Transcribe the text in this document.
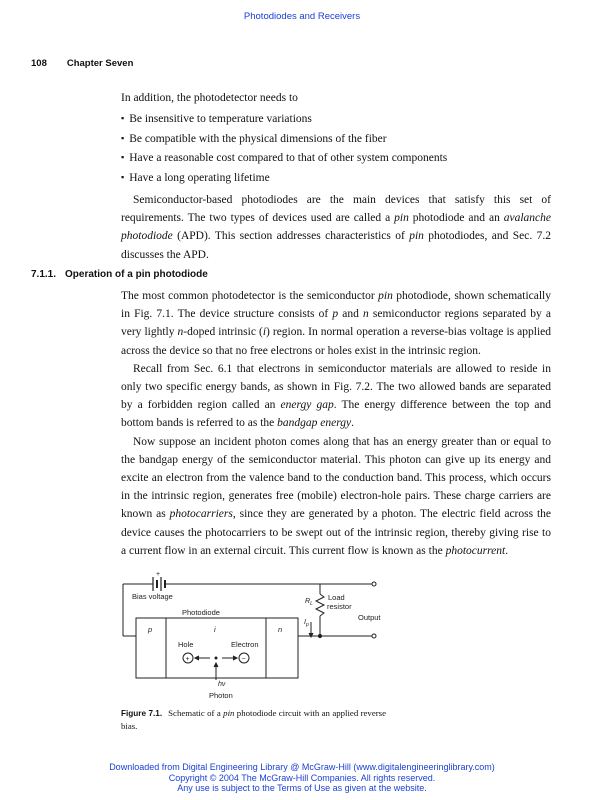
Photodiodes and Receivers
108 Chapter Seven
In addition, the photodetector needs to
▪ Be insensitive to temperature variations
▪ Be compatible with the physical dimensions of the fiber
▪ Have a reasonable cost compared to that of other system components
▪ Have a long operating lifetime
Semiconductor-based photodiodes are the main devices that satisfy this set of requirements. The two types of devices used are called a pin photodiode and an avalanche photodiode (APD). This section addresses characteristics of pin photodiodes, and Sec. 7.2 discusses the APD.
7.1.1. Operation of a pin photodiode

The most common photodetector is the semiconductor pin photodiode, shown schematically in Fig. 7.1. The device structure consists of p and n semiconductor regions separated by a very lightly n-doped intrinsic (i) region. In normal operation a reverse-bias voltage is applied across the device so that no free electrons or holes exist in the intrinsic region.

Recall from Sec. 6.1 that electrons in semiconductor materials are allowed to reside in only two specific energy bands, as shown in Fig. 7.2. The two allowed bands are separated by a forbidden region called an energy gap. The energy difference between the top and bottom bands is referred to as the bandgap energy.

Now suppose an incident photon comes along that has an energy greater than or equal to the bandgap energy of the semiconductor material. This photon can give up its energy and excite an electron from the valence band to the conduction band. This process, which occurs in the intrinsic region, generates free (mobile) electron-hole pairs. These charge carriers are known as photocarriers, since they are generated by a photon. The electric field across the device causes the photocarriers to be swept out of the intrinsic region, thereby giving rise to a current flow in an external circuit. This current flow is known as the photocurrent.

+
Bias voltage
Photodiode
$R_L$
Load
resistor
Output
$I_p$
p	i	n
Hole	Electron
+	−
hν
Photon
Figure 7.1. Schematic of a pin photodiode circuit with an applied reverse bias.
Downloaded from Digital Engineering Library @ McGraw-Hill (www.digitalengineeringlibrary.com)
Copyright © 2004 The McGraw-Hill Companies. All rights reserved.
Any use is subject to the Terms of Use as given at the website.
